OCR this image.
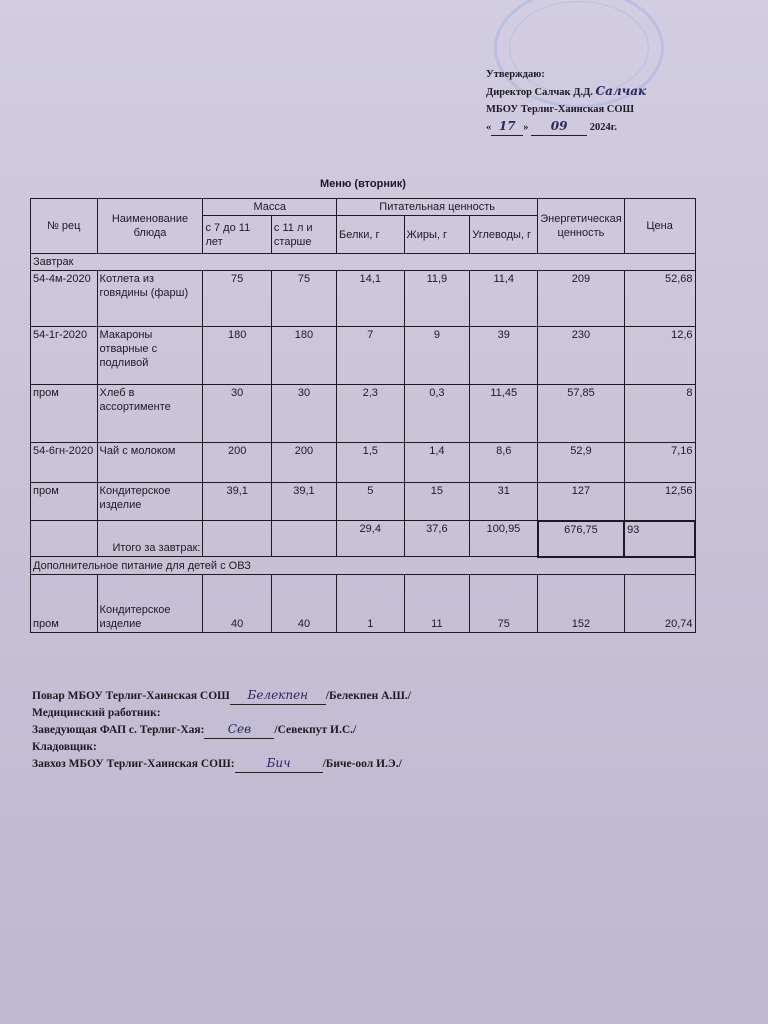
Утверждаю:
Директор Салчак Д.Д. Салчак
МБОУ Терлиг-Хаинская СОШ
« 17 » 09 2024г.
Меню (вторник)
№ рец	Наименование блюда	Масса		Питательная ценность			Энергетическая ценность	Цена
		с 7 до 11 лет	с 11 л и старше	Белки, г	Жиры, г	Углеводы, г		
Завтрак								
54-4м-2020	Котлета из говядины (фарш)	75	75	14,1	11,9	11,4	209	52,68
54-1г-2020	Макароны отварные с подливой	180	180	7	9	39	230	12,6
пром	Хлеб в ассортименте	30	30	2,3	0,3	11,45	57,85	8
54-6гн-2020	Чай с молоком	200	200	1,5	1,4	8,6	52,9	7,16
пром	Кондитерское изделие	39,1	39,1	5	15	31	127	12,56
	Итого за завтрак:			29,4	37,6	100,95	676,75	93
Дополнительное питание для детей с ОВЗ								
пром	Кондитерское изделие	40	40	1	11	75	152	20,74
Повар МБОУ Терлиг-Хаинская СОШ Белекпен /Белекпен А.Ш./
Медицинский работник:
Заведующая ФАП с. Терлиг-Хая: Сев /Севекпут И.С./
Кладовщик:
Завхоз МБОУ Терлиг-Хаинская СОШ:	Бич	/Биче-оол И.Э./
